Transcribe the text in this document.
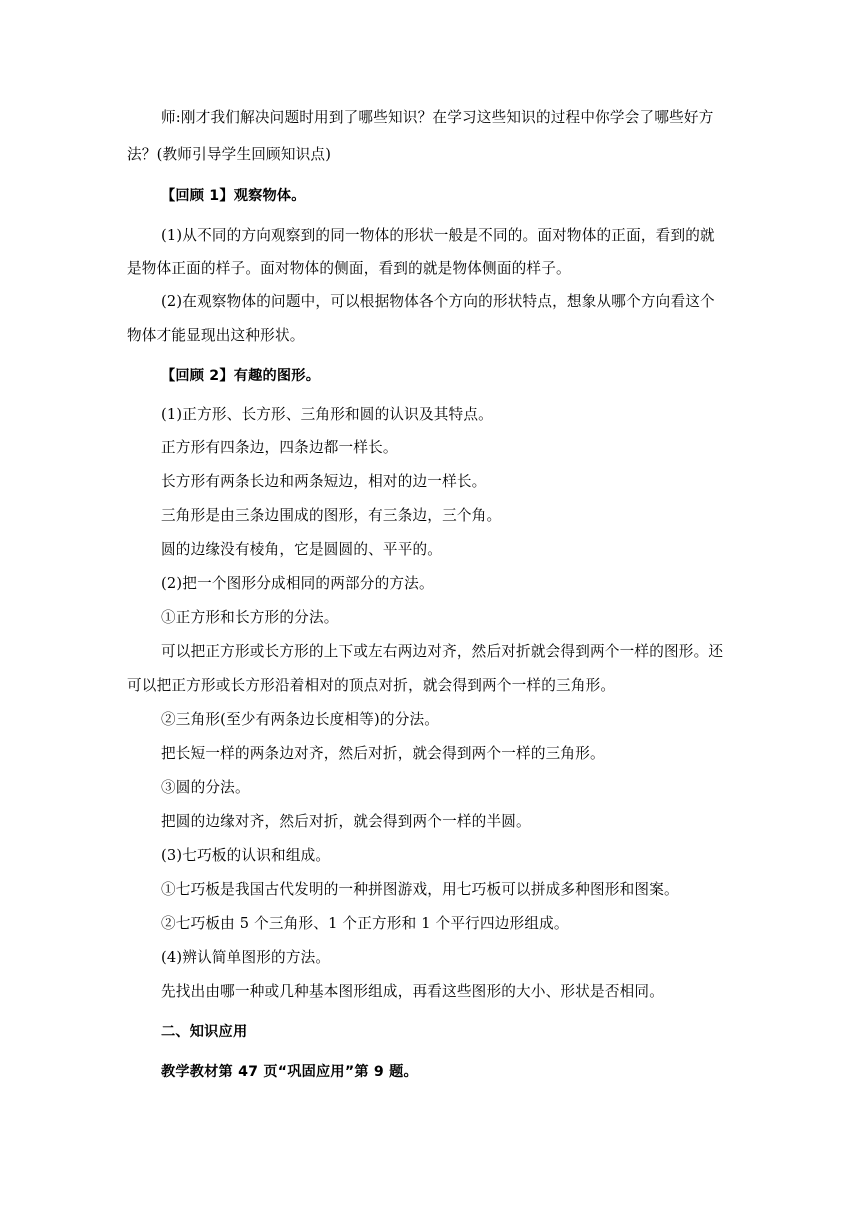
师:刚才我们解决问题时用到了哪些知识？在学习这些知识的过程中你学会了哪些好方
法？(教师引导学生回顾知识点)
【回顾 1】观察物体。
(1)从不同的方向观察到的同一物体的形状一般是不同的。面对物体的正面，看到的就
是物体正面的样子。面对物体的侧面，看到的就是物体侧面的样子。
(2)在观察物体的问题中，可以根据物体各个方向的形状特点，想象从哪个方向看这个
物体才能显现出这种形状。
【回顾 2】有趣的图形。
(1)正方形、长方形、三角形和圆的认识及其特点。
正方形有四条边，四条边都一样长。
长方形有两条长边和两条短边，相对的边一样长。
三角形是由三条边围成的图形，有三条边，三个角。
圆的边缘没有棱角，它是圆圆的、平平的。
(2)把一个图形分成相同的两部分的方法。
①正方形和长方形的分法。
可以把正方形或长方形的上下或左右两边对齐，然后对折就会得到两个一样的图形。还
可以把正方形或长方形沿着相对的顶点对折，就会得到两个一样的三角形。
②三角形(至少有两条边长度相等)的分法。
把长短一样的两条边对齐，然后对折，就会得到两个一样的三角形。
③圆的分法。
把圆的边缘对齐，然后对折，就会得到两个一样的半圆。
(3)七巧板的认识和组成。
①七巧板是我国古代发明的一种拼图游戏，用七巧板可以拼成多种图形和图案。
②七巧板由 5 个三角形、1 个正方形和 1 个平行四边形组成。
(4)辨认简单图形的方法。
先找出由哪一种或几种基本图形组成，再看这些图形的大小、形状是否相同。
二、知识应用
教学教材第 47 页“巩固应用”第 9 题。
